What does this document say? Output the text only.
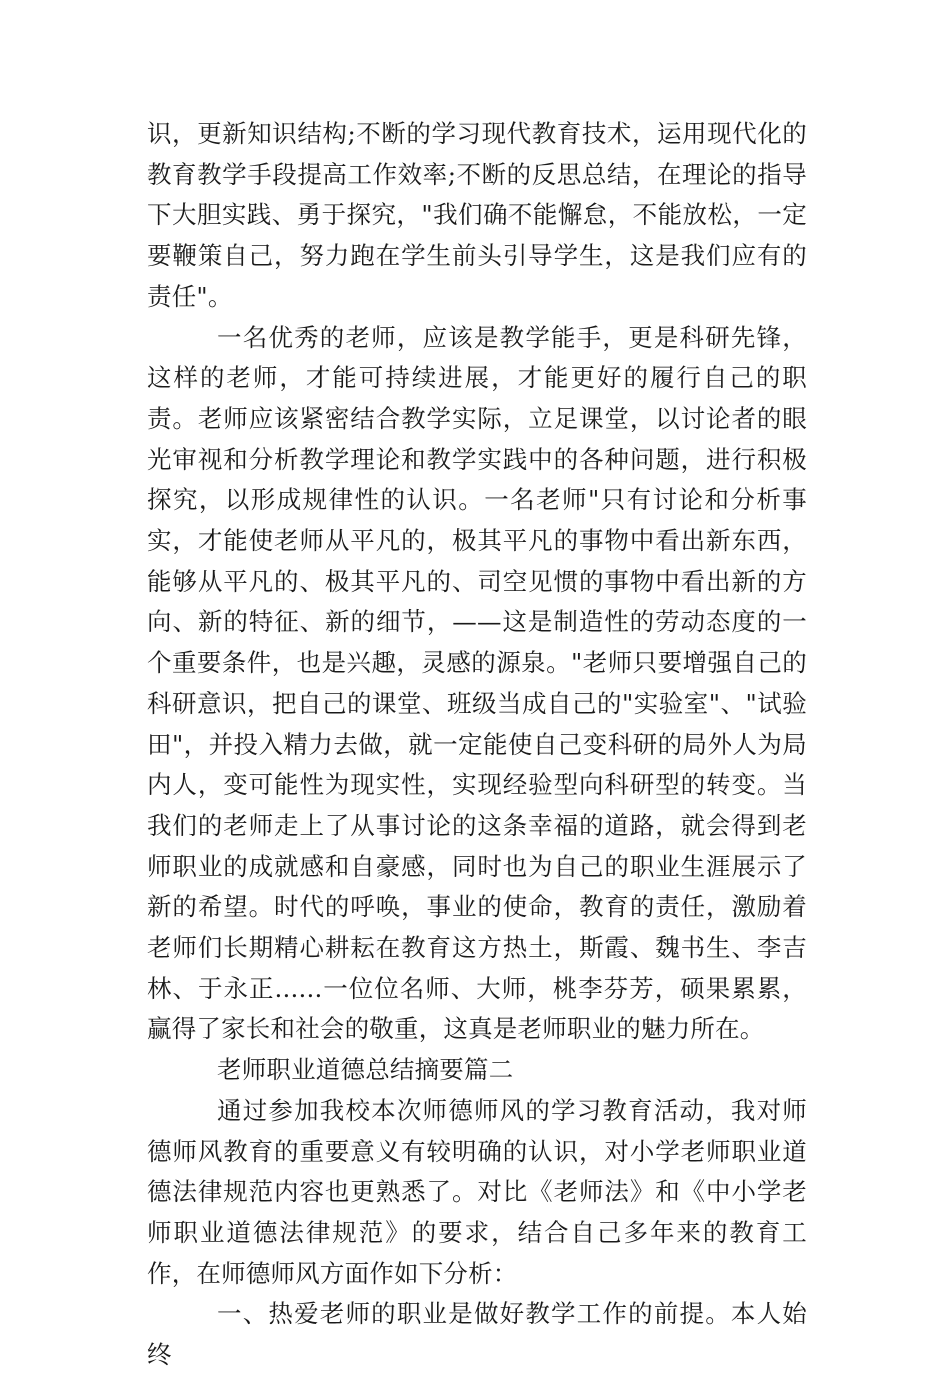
识，更新知识结构;不断的学习现代教育技术，运用现代化的教育教学手段提高工作效率;不断的反思总结，在理论的指导下大胆实践、勇于探究，"我们确不能懈怠，不能放松，一定要鞭策自己，努力跑在学生前头引导学生，这是我们应有的责任"。

一名优秀的老师，应该是教学能手，更是科研先锋，这样的老师，才能可持续进展，才能更好的履行自己的职责。老师应该紧密结合教学实际，立足课堂，以讨论者的眼光审视和分析教学理论和教学实践中的各种问题，进行积极探究，以形成规律性的认识。一名老师"只有讨论和分析事实，才能使老师从平凡的，极其平凡的事物中看出新东西，能够从平凡的、极其平凡的、司空见惯的事物中看出新的方向、新的特征、新的细节，——这是制造性的劳动态度的一个重要条件，也是兴趣，灵感的源泉。"老师只要增强自己的科研意识，把自己的课堂、班级当成自己的"实验室"、"试验田"，并投入精力去做，就一定能使自己变科研的局外人为局内人，变可能性为现实性，实现经验型向科研型的转变。当我们的老师走上了从事讨论的这条幸福的道路，就会得到老师职业的成就感和自豪感，同时也为自己的职业生涯展示了新的希望。时代的呼唤，事业的使命，教育的责任，激励着老师们长期精心耕耘在教育这方热土，斯霞、魏书生、李吉林、于永正......一位位名师、大师，桃李芬芳，硕果累累，赢得了家长和社会的敬重，这真是老师职业的魅力所在。

老师职业道德总结摘要篇二

通过参加我校本次师德师风的学习教育活动，我对师德师风教育的重要意义有较明确的认识，对小学老师职业道德法律规范内容也更熟悉了。对比《老师法》和《中小学老师职业道德法律规范》的要求，结合自己多年来的教育工作，在师德师风方面作如下分析：

一、热爱老师的职业是做好教学工作的前提。本人始终
